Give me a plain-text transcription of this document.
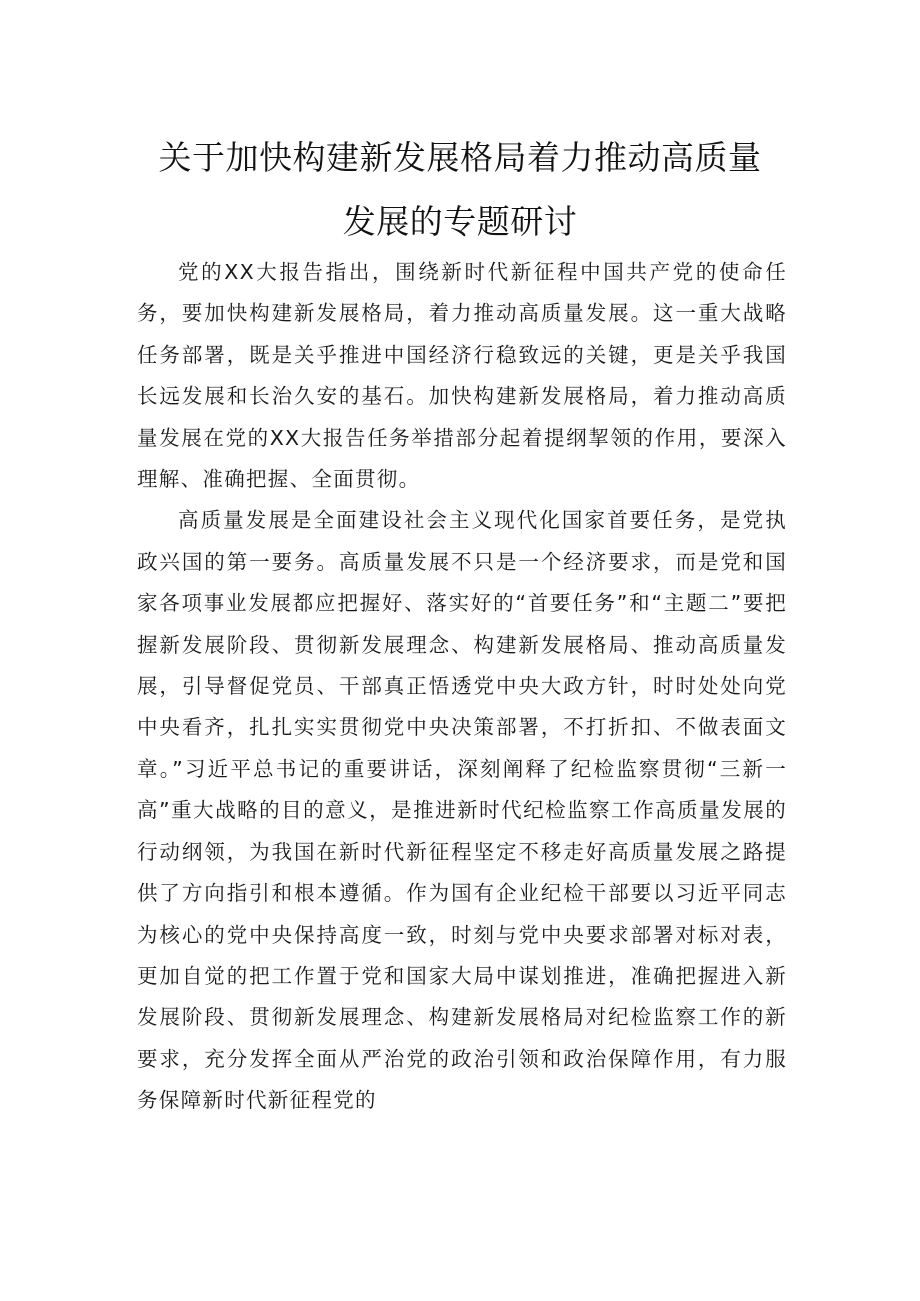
关于加快构建新发展格局着力推动高质量
发展的专题研讨

党的XX大报告指出，围绕新时代新征程中国共产党的使命任务，要加快构建新发展格局，着力推动高质量发展。这一重大战略任务部署，既是关乎推进中国经济行稳致远的关键，更是关乎我国长远发展和长治久安的基石。加快构建新发展格局，着力推动高质量发展在党的XX大报告任务举措部分起着提纲挈领的作用，要深入理解、准确把握、全面贯彻。

高质量发展是全面建设社会主义现代化国家首要任务，是党执政兴国的第一要务。高质量发展不只是一个经济要求，而是党和国家各项事业发展都应把握好、落实好的“首要任务”和“主题二”要把握新发展阶段、贯彻新发展理念、构建新发展格局、推动高质量发展，引导督促党员、干部真正悟透党中央大政方针，时时处处向党中央看齐，扎扎实实贯彻党中央决策部署，不打折扣、不做表面文章。”习近平总书记的重要讲话，深刻阐释了纪检监察贯彻“三新一高”重大战略的目的意义，是推进新时代纪检监察工作高质量发展的行动纲领，为我国在新时代新征程坚定不移走好高质量发展之路提供了方向指引和根本遵循。作为国有企业纪检干部要以习近平同志为核心的党中央保持高度一致，时刻与党中央要求部署对标对表，更加自觉的把工作置于党和国家大局中谋划推进，准确把握进入新发展阶段、贯彻新发展理念、构建新发展格局对纪检监察工作的新要求，充分发挥全面从严治党的政治引领和政治保障作用，有力服务保障新时代新征程党的
